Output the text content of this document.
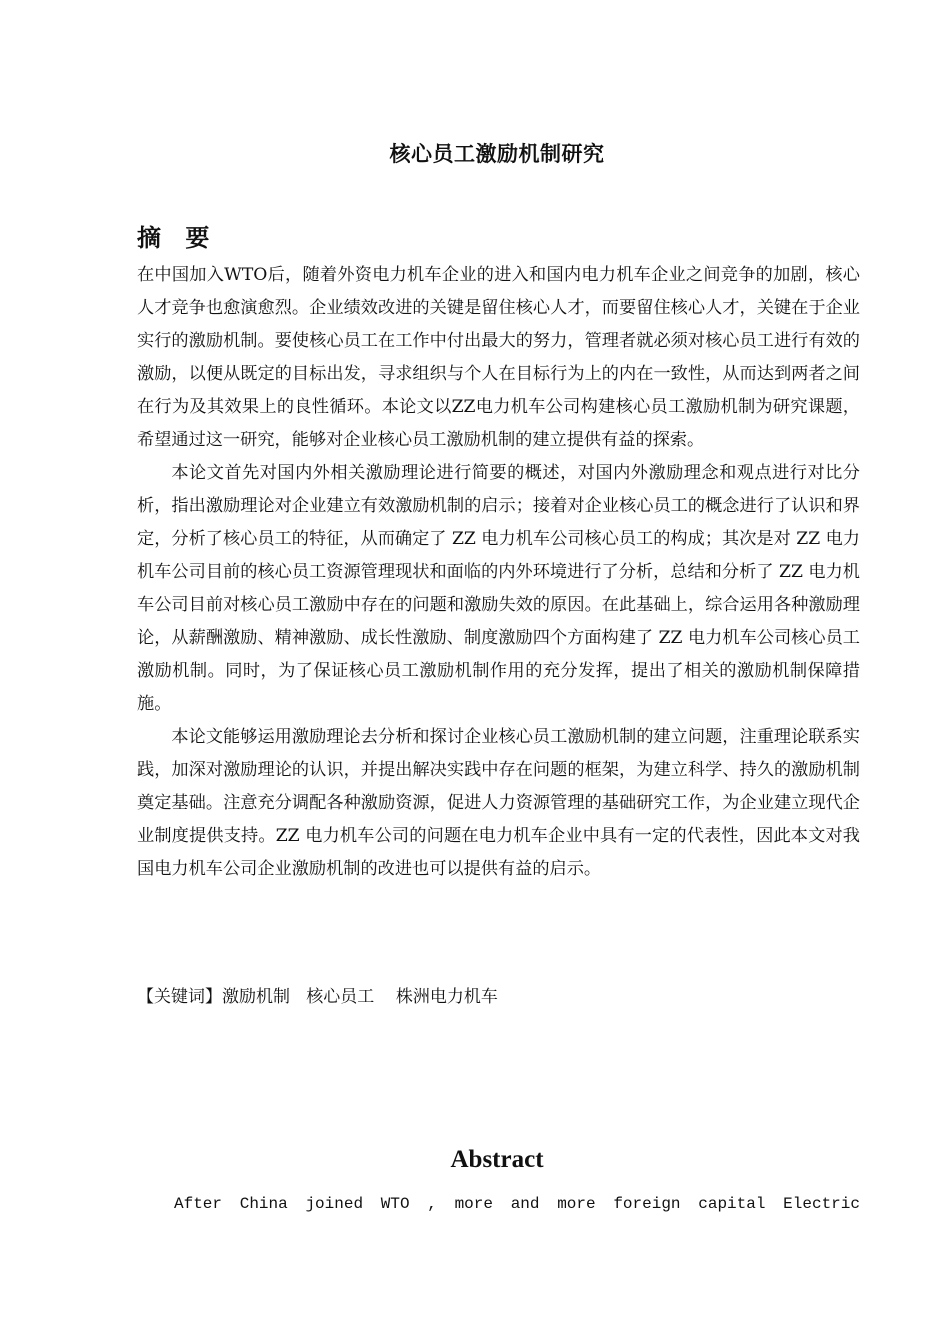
核心员工激励机制研究
摘 要

在中国加入WTO后，随着外资电力机车企业的进入和国内电力机车企业之间竞争的加剧，核心人才竞争也愈演愈烈。企业绩效改进的关键是留住核心人才，而要留住核心人才，关键在于企业实行的激励机制。要使核心员工在工作中付出最大的努力，管理者就必须对核心员工进行有效的激励，以便从既定的目标出发，寻求组织与个人在目标行为上的内在一致性，从而达到两者之间在行为及其效果上的良性循环。本论文以ZZ电力机车公司构建核心员工激励机制为研究课题，希望通过这一研究，能够对企业核心员工激励机制的建立提供有益的探索。

本论文首先对国内外相关激励理论进行简要的概述，对国内外激励理念和观点进行对比分析，指出激励理论对企业建立有效激励机制的启示；接着对企业核心员工的概念进行了认识和界定，分析了核心员工的特征，从而确定了 ZZ 电力机车公司核心员工的构成；其次是对 ZZ 电力机车公司目前的核心员工资源管理现状和面临的内外环境进行了分析，总结和分析了 ZZ 电力机车公司目前对核心员工激励中存在的问题和激励失效的原因。在此基础上，综合运用各种激励理论，从薪酬激励、精神激励、成长性激励、制度激励四个方面构建了 ZZ 电力机车公司核心员工激励机制。同时，为了保证核心员工激励机制作用的充分发挥，提出了相关的激励机制保障措施。

本论文能够运用激励理论去分析和探讨企业核心员工激励机制的建立问题，注重理论联系实践，加深对激励理论的认识，并提出解决实践中存在问题的框架，为建立科学、持久的激励机制奠定基础。注意充分调配各种激励资源，促进人力资源管理的基础研究工作，为企业建立现代企业制度提供支持。ZZ 电力机车公司的问题在电力机车企业中具有一定的代表性，因此本文对我国电力机车公司企业激励机制的改进也可以提供有益的启示。

【关键词】激励机制   核心员工    株洲电力机车
Abstract
After China joined WTO , more and more foreign capital Electric
